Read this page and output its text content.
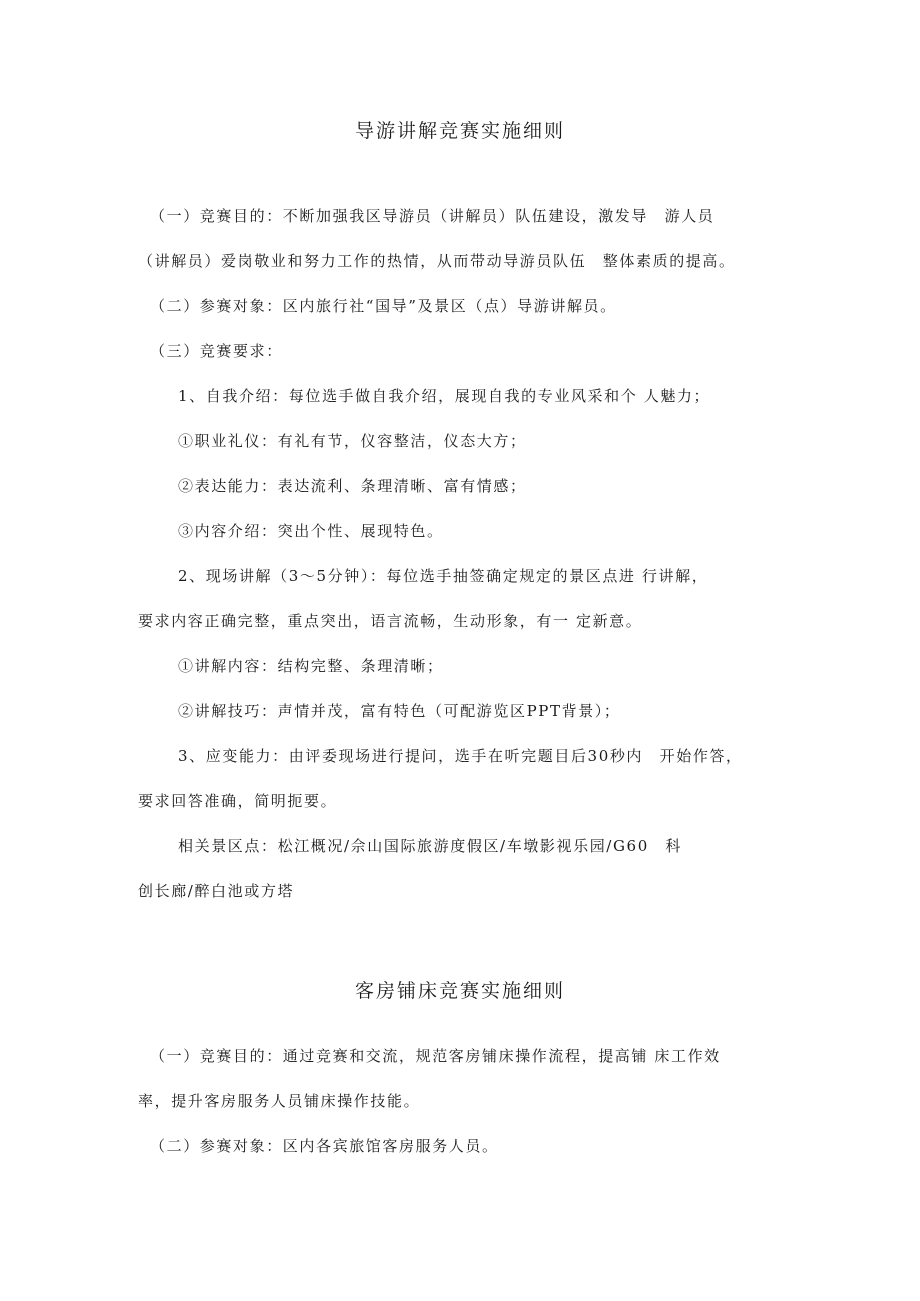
导游讲解竞赛实施细则
（一）竞赛目的：不断加强我区导游员（讲解员）队伍建设，激发导　游人员
（讲解员）爱岗敬业和努力工作的热情，从而带动导游员队伍　整体素质的提高。
（二）参赛对象：区内旅行社“国导”及景区（点）导游讲解员。
（三）竞赛要求：
1、自我介绍：每位选手做自我介绍，展现自我的专业风采和个 人魅力；
①职业礼仪：有礼有节，仪容整洁，仪态大方；
②表达能力：表达流利、条理清晰、富有情感；
③内容介绍：突出个性、展现特色。
2、现场讲解（3～5分钟）：每位选手抽签确定规定的景区点进 行讲解，
要求内容正确完整，重点突出，语言流畅，生动形象，有一 定新意。
①讲解内容：结构完整、条理清晰；
②讲解技巧：声情并茂，富有特色（可配游览区PPT背景）；
3、应变能力：由评委现场进行提问，选手在听完题目后30秒内　开始作答，
要求回答准确，简明扼要。
相关景区点：松江概况/佘山国际旅游度假区/车墩影视乐园/G60　科
创长廊/醉白池或方塔
客房铺床竞赛实施细则
（一）竞赛目的：通过竞赛和交流，规范客房铺床操作流程，提高铺 床工作效
率，提升客房服务人员铺床操作技能。
（二）参赛对象：区内各宾旅馆客房服务人员。
